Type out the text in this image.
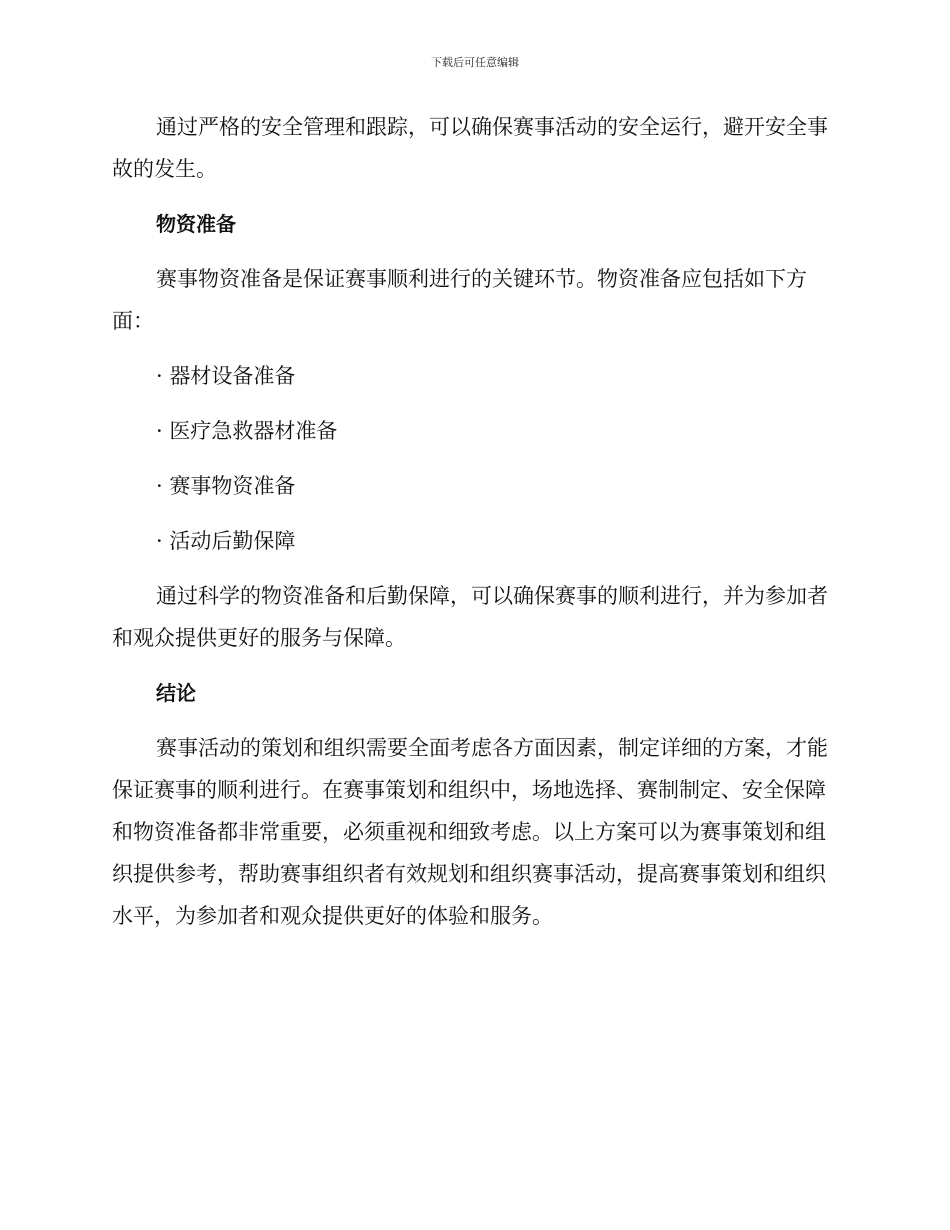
下载后可任意编辑

通过严格的安全管理和跟踪，可以确保赛事活动的安全运行，避开安全事故的发生。

物资准备

赛事物资准备是保证赛事顺利进行的关键环节。物资准备应包括如下方面：

· 器材设备准备

· 医疗急救器材准备

· 赛事物资准备

· 活动后勤保障

通过科学的物资准备和后勤保障，可以确保赛事的顺利进行，并为参加者和观众提供更好的服务与保障。

结论

赛事活动的策划和组织需要全面考虑各方面因素，制定详细的方案，才能保证赛事的顺利进行。在赛事策划和组织中，场地选择、赛制制定、安全保障和物资准备都非常重要，必须重视和细致考虑。以上方案可以为赛事策划和组织提供参考，帮助赛事组织者有效规划和组织赛事活动，提高赛事策划和组织水平，为参加者和观众提供更好的体验和服务。
